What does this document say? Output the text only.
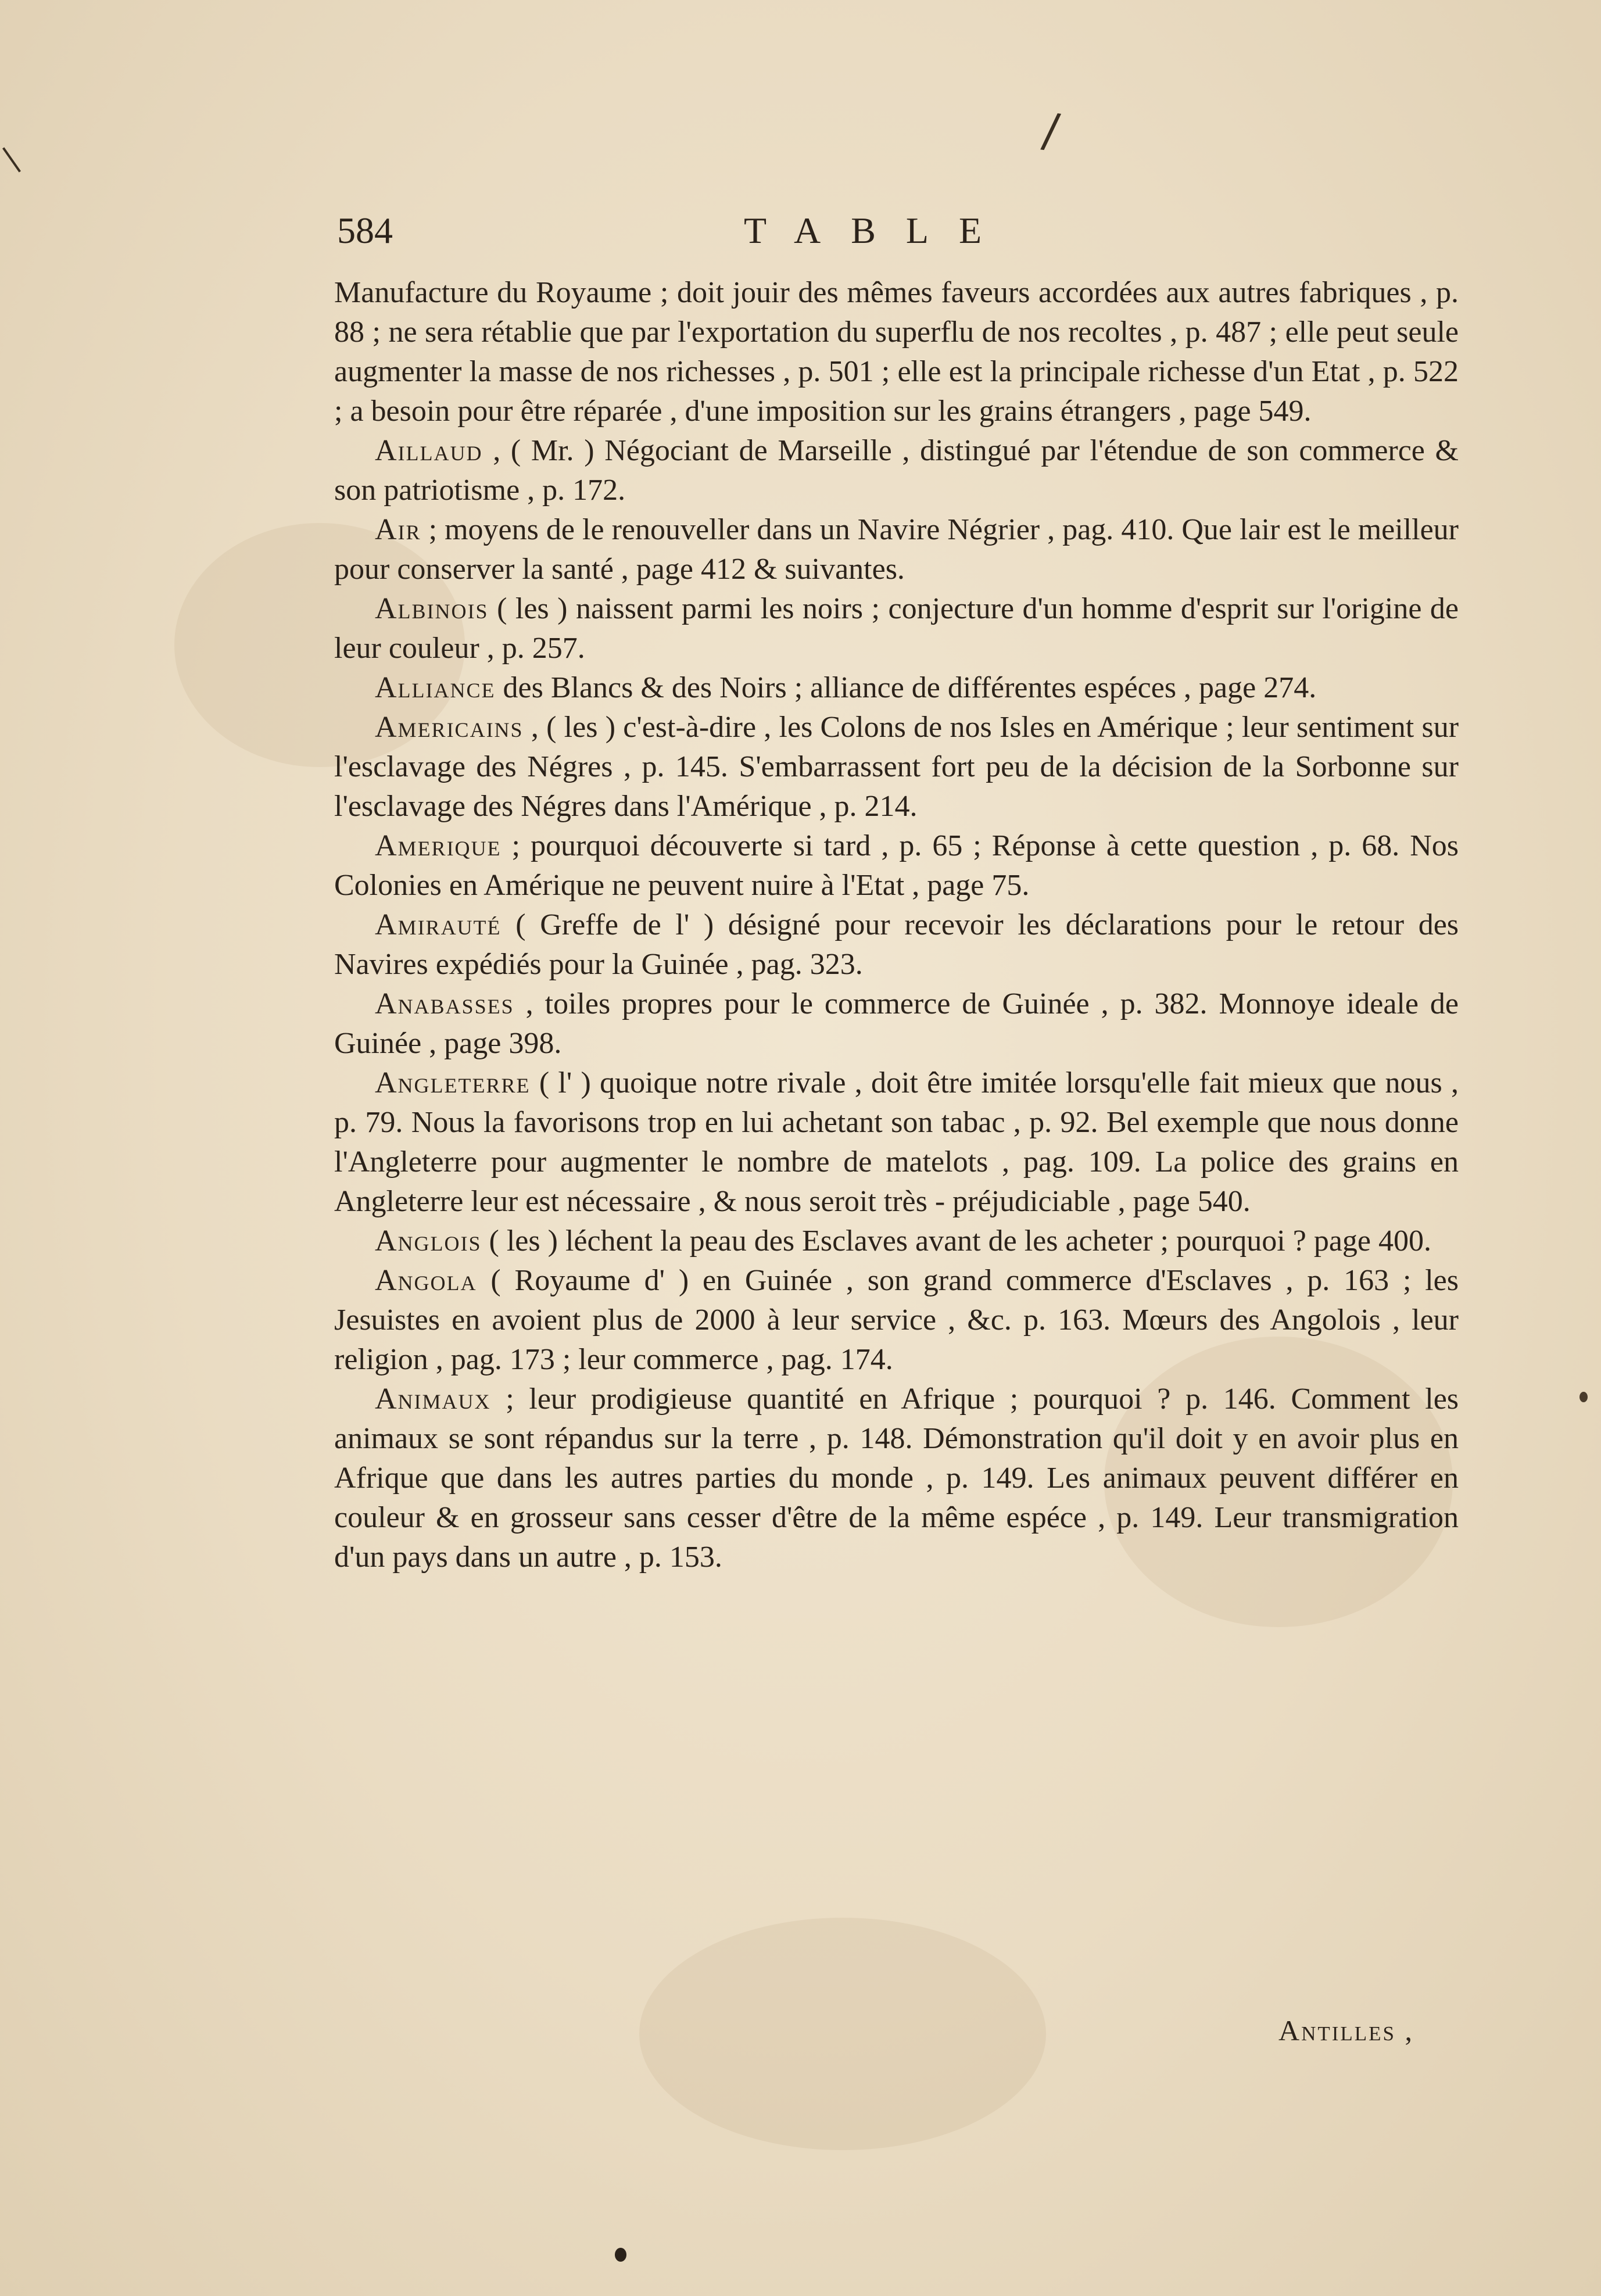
/
584	TABLE

Manufacture du Royaume ; doit jouir des mêmes faveurs accordées aux autres fabriques , p. 88 ; ne sera rétablie que par l'exportation du superflu de nos recoltes , p. 487 ; elle peut seule augmenter la masse de nos richesses , p. 501 ; elle est la principale richesse d'un Etat , p. 522 ; a besoin pour être réparée , d'une imposition sur les grains étrangers , page 549.

Aillaud , ( Mr. ) Négociant de Marseille , distingué par l'étendue de son commerce & son patriotisme , p. 172.

Air ; moyens de le renouveller dans un Navire Négrier , pag. 410. Que lair est le meilleur pour conserver la santé , page 412 & suivantes.

Albinois ( les ) naissent parmi les noirs ; conjecture d'un homme d'esprit sur l'origine de leur couleur , p. 257.

Alliance des Blancs & des Noirs ; alliance de différentes espéces , page 274.

Americains , ( les ) c'est-à-dire , les Colons de nos Isles en Amérique ; leur sentiment sur l'esclavage des Négres , p. 145. S'embarrassent fort peu de la décision de la Sorbonne sur l'esclavage des Négres dans l'Amérique , p. 214.

Amerique ; pourquoi découverte si tard , p. 65 ; Réponse à cette question , p. 68. Nos Colonies en Amérique ne peuvent nuire à l'Etat , page 75.

Amirauté ( Greffe de l' ) désigné pour recevoir les déclarations pour le retour des Navires expédiés pour la Guinée , pag. 323.

Anabasses , toiles propres pour le commerce de Guinée , p. 382. Monnoye ideale de Guinée , page 398.

Angleterre ( l' ) quoique notre rivale , doit être imitée lorsqu'elle fait mieux que nous , p. 79. Nous la favorisons trop en lui achetant son tabac , p. 92. Bel exemple que nous donne l'Angleterre pour augmenter le nombre de matelots , pag. 109. La police des grains en Angleterre leur est nécessaire , & nous seroit très - préjudiciable , page 540.

Anglois ( les ) léchent la peau des Esclaves avant de les acheter ; pourquoi ? page 400.

Angola ( Royaume d' ) en Guinée , son grand commerce d'Esclaves , p. 163 ; les Jesuistes en avoient plus de 2000 à leur service , &c. p. 163. Mœurs des Angolois , leur religion , pag. 173 ; leur commerce , pag. 174.

Animaux ; leur prodigieuse quantité en Afrique ; pourquoi ? p. 146. Comment les animaux se sont répandus sur la terre , p. 148. Démonstration qu'il doit y en avoir plus en Afrique que dans les autres parties du monde , p. 149. Les animaux peuvent différer en couleur & en grosseur sans cesser d'être de la même espéce , p. 149. Leur transmigration d'un pays dans un autre , p. 153.

Antilles ,
